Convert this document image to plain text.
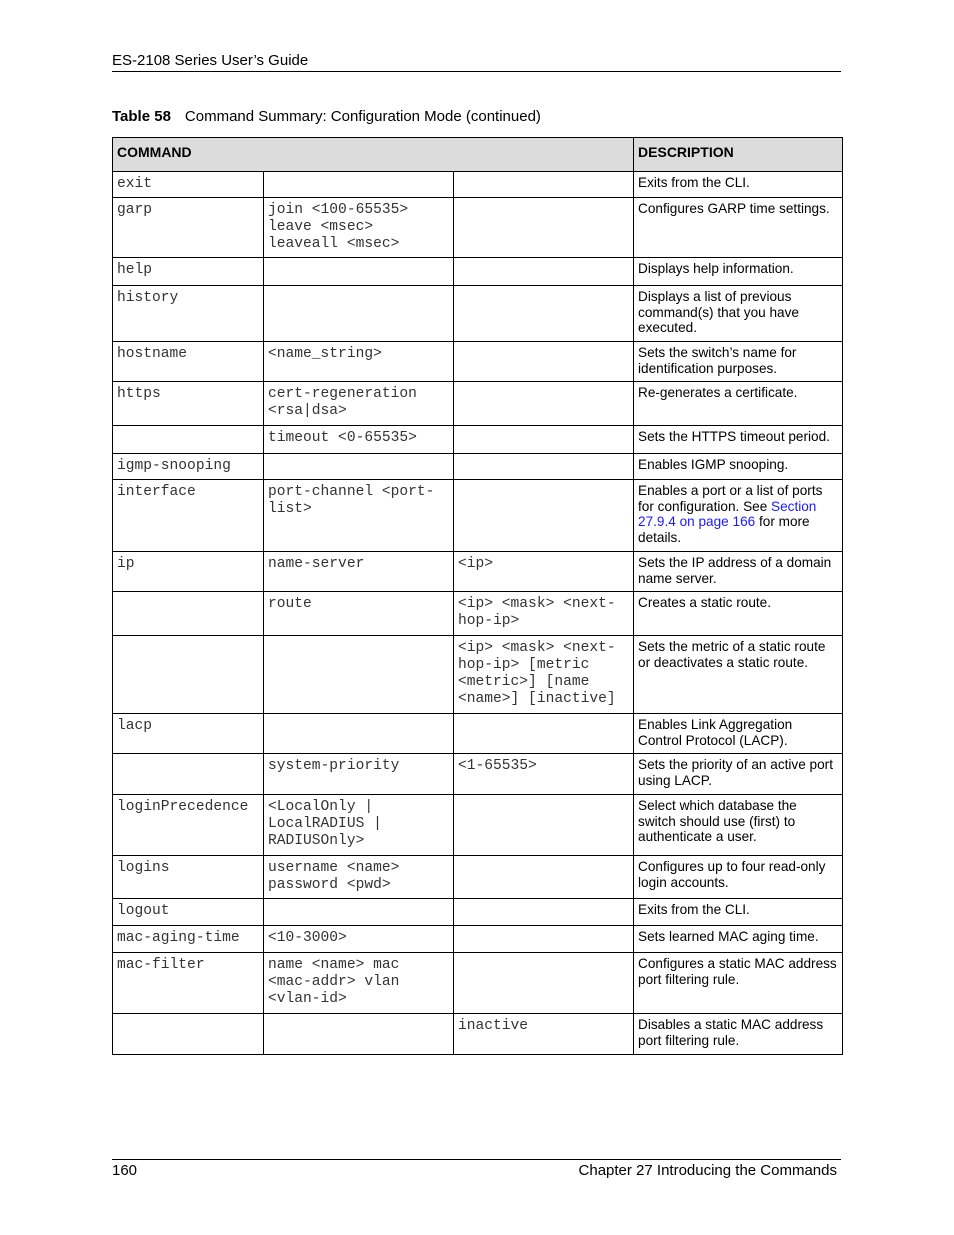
ES-2108 Series User’s Guide
Table 58 Command Summary: Configuration Mode (continued)
COMMAND			DESCRIPTION
exit			Exits from the CLI.
garp	join <100-65535>
leave <msec>
leaveall <msec>		Configures GARP time settings.
help			Displays help information.
history			Displays a list of previous command(s) that you have executed.
hostname	<name_string>		Sets the switch’s name for identification purposes.
https	cert-regeneration
<rsa|dsa>		Re-generates a certificate.
	timeout <0-65535>		Sets the HTTPS timeout period.
igmp-snooping			Enables IGMP snooping.
interface	port-channel <port-
list>		Enables a port or a list of ports for configuration. See Section 27.9.4 on page 166 for more details.
ip	name-server	<ip>	Sets the IP address of a domain name server.
	route	<ip> <mask> <next-
hop-ip>	Creates a static route.
		<ip> <mask> <next-
hop-ip> [metric
<metric>] [name
<name>] [inactive]	Sets the metric of a static route or deactivates a static route.
lacp			Enables Link Aggregation Control Protocol (LACP).
	system-priority	<1-65535>	Sets the priority of an active port using LACP.
loginPrecedence	<LocalOnly |
LocalRADIUS |
RADIUSOnly>		Select which database the switch should use (first) to authenticate a user.
logins	username <name>
password <pwd>		Configures up to four read-only login accounts.
logout			Exits from the CLI.
mac-aging-time	<10-3000>		Sets learned MAC aging time.
mac-filter	name <name> mac
<mac-addr> vlan
<vlan-id>		Configures a static MAC address port filtering rule.
		inactive	Disables a static MAC address port filtering rule.
160	Chapter 27 Introducing the Commands
